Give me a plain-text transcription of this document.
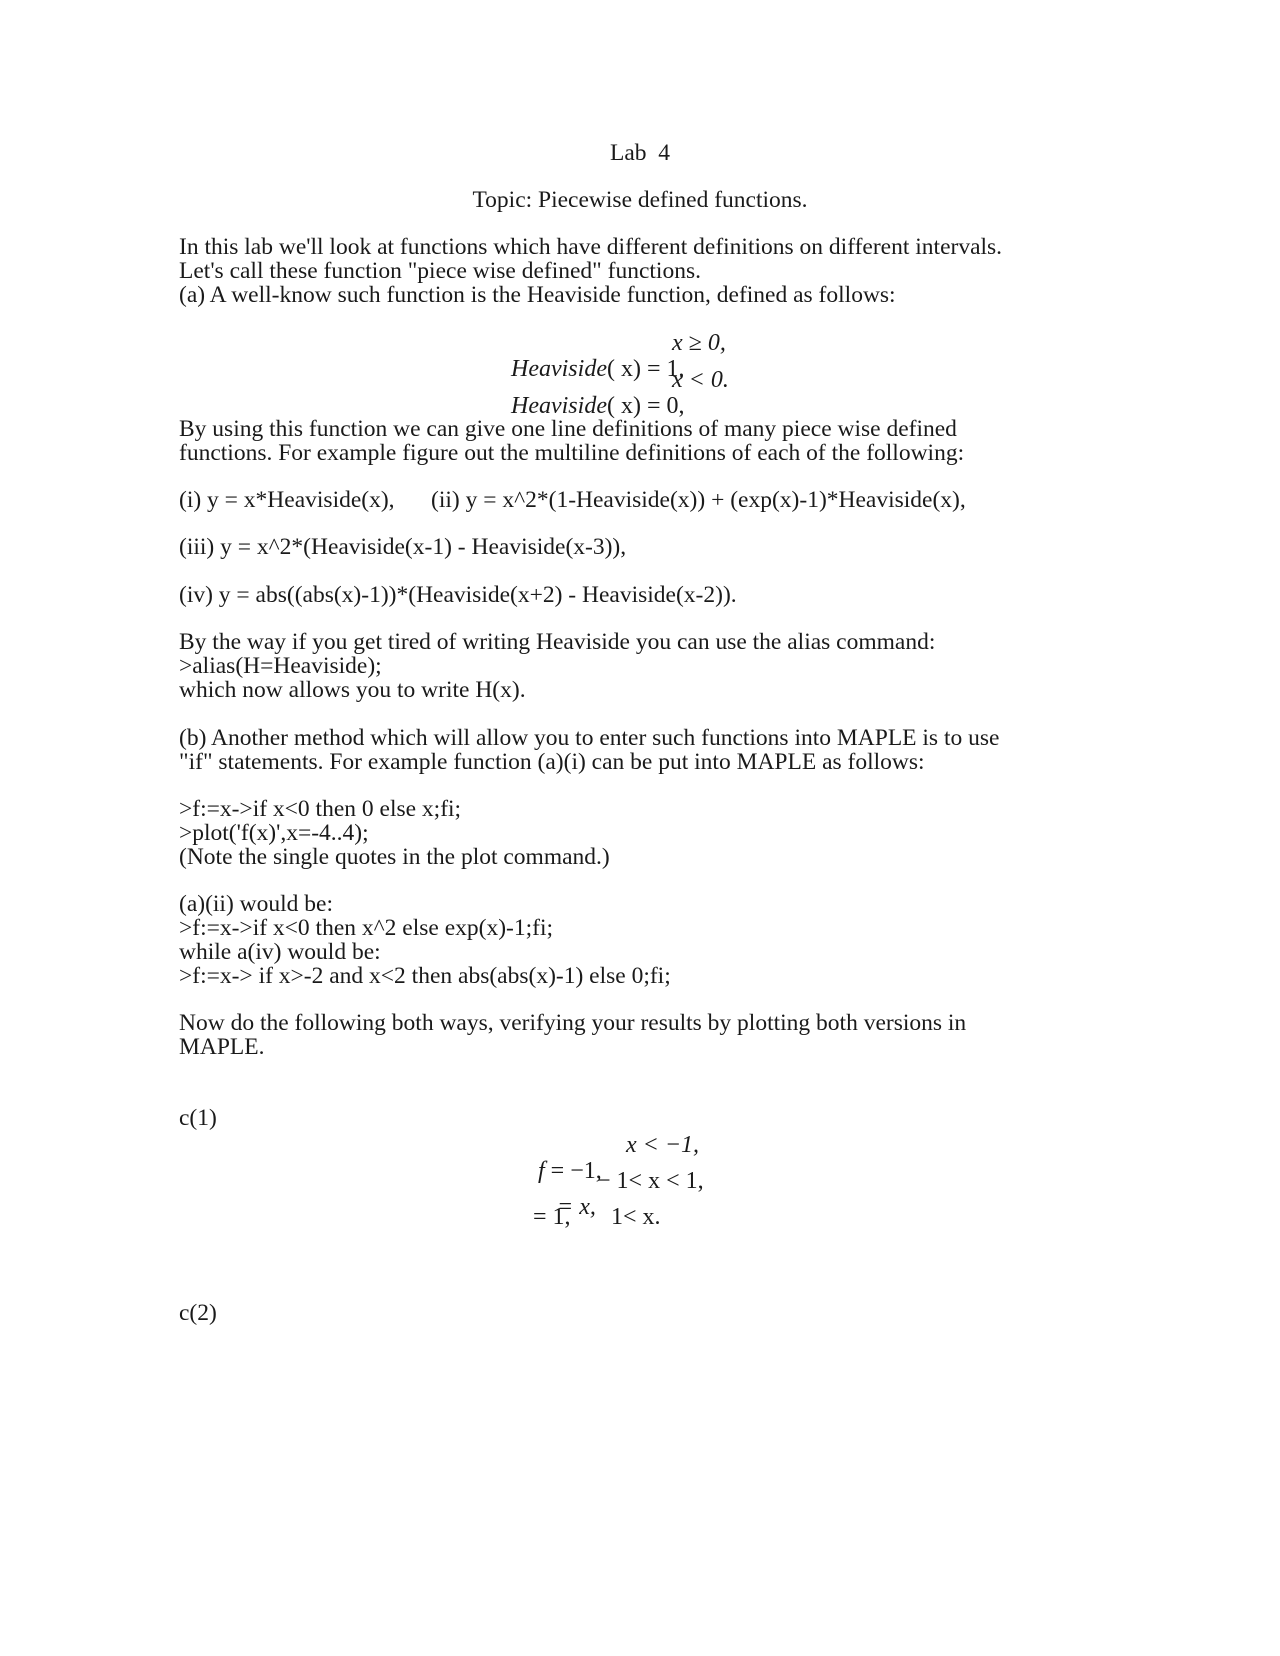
Lab  4
Topic: Piecewise defined functions.
In this lab we'll look at functions which have different definitions on different intervals.
Let's call these function "piece wise defined" functions.
(a) A well-know such function is the Heaviside function, defined as follows:

Heaviside( x) = 1,

x ≥ 0,

Heaviside( x) = 0,

x < 0.
By using this function we can give one line definitions of many piece wise defined
functions. For example figure out the multiline definitions of each of the following:
(i) y = x*Heaviside(x), (ii) y = x^2*(1-Heaviside(x)) + (exp(x)-1)*Heaviside(x),
(iii) y = x^2*(Heaviside(x-1) - Heaviside(x-3)),
(iv) y = abs((abs(x)-1))*(Heaviside(x+2) - Heaviside(x-2)).
By the way if you get tired of writing Heaviside you can use the alias command:
>alias(H=Heaviside);
which now allows you to write H(x).
(b) Another method which will allow you to enter such functions into MAPLE is to use
"if" statements. For example function (a)(i) can be put into MAPLE as follows:
>f:=x->if x<0 then 0 else x;fi;
>plot('f(x)',x=-4..4);
(Note the single quotes in the plot command.)
(a)(ii) would be:
>f:=x->if x<0 then x^2 else exp(x)-1;fi;
while a(iv) would be:
>f:=x-> if x>-2 and x<2 then abs(abs(x)-1) else 0;fi;
Now do the following both ways, verifying your results by plotting both versions in
MAPLE.
c(1)

f = −1,

x < −1,

= x,

− 1< x < 1,
= 1, 1< x.
c(2)
